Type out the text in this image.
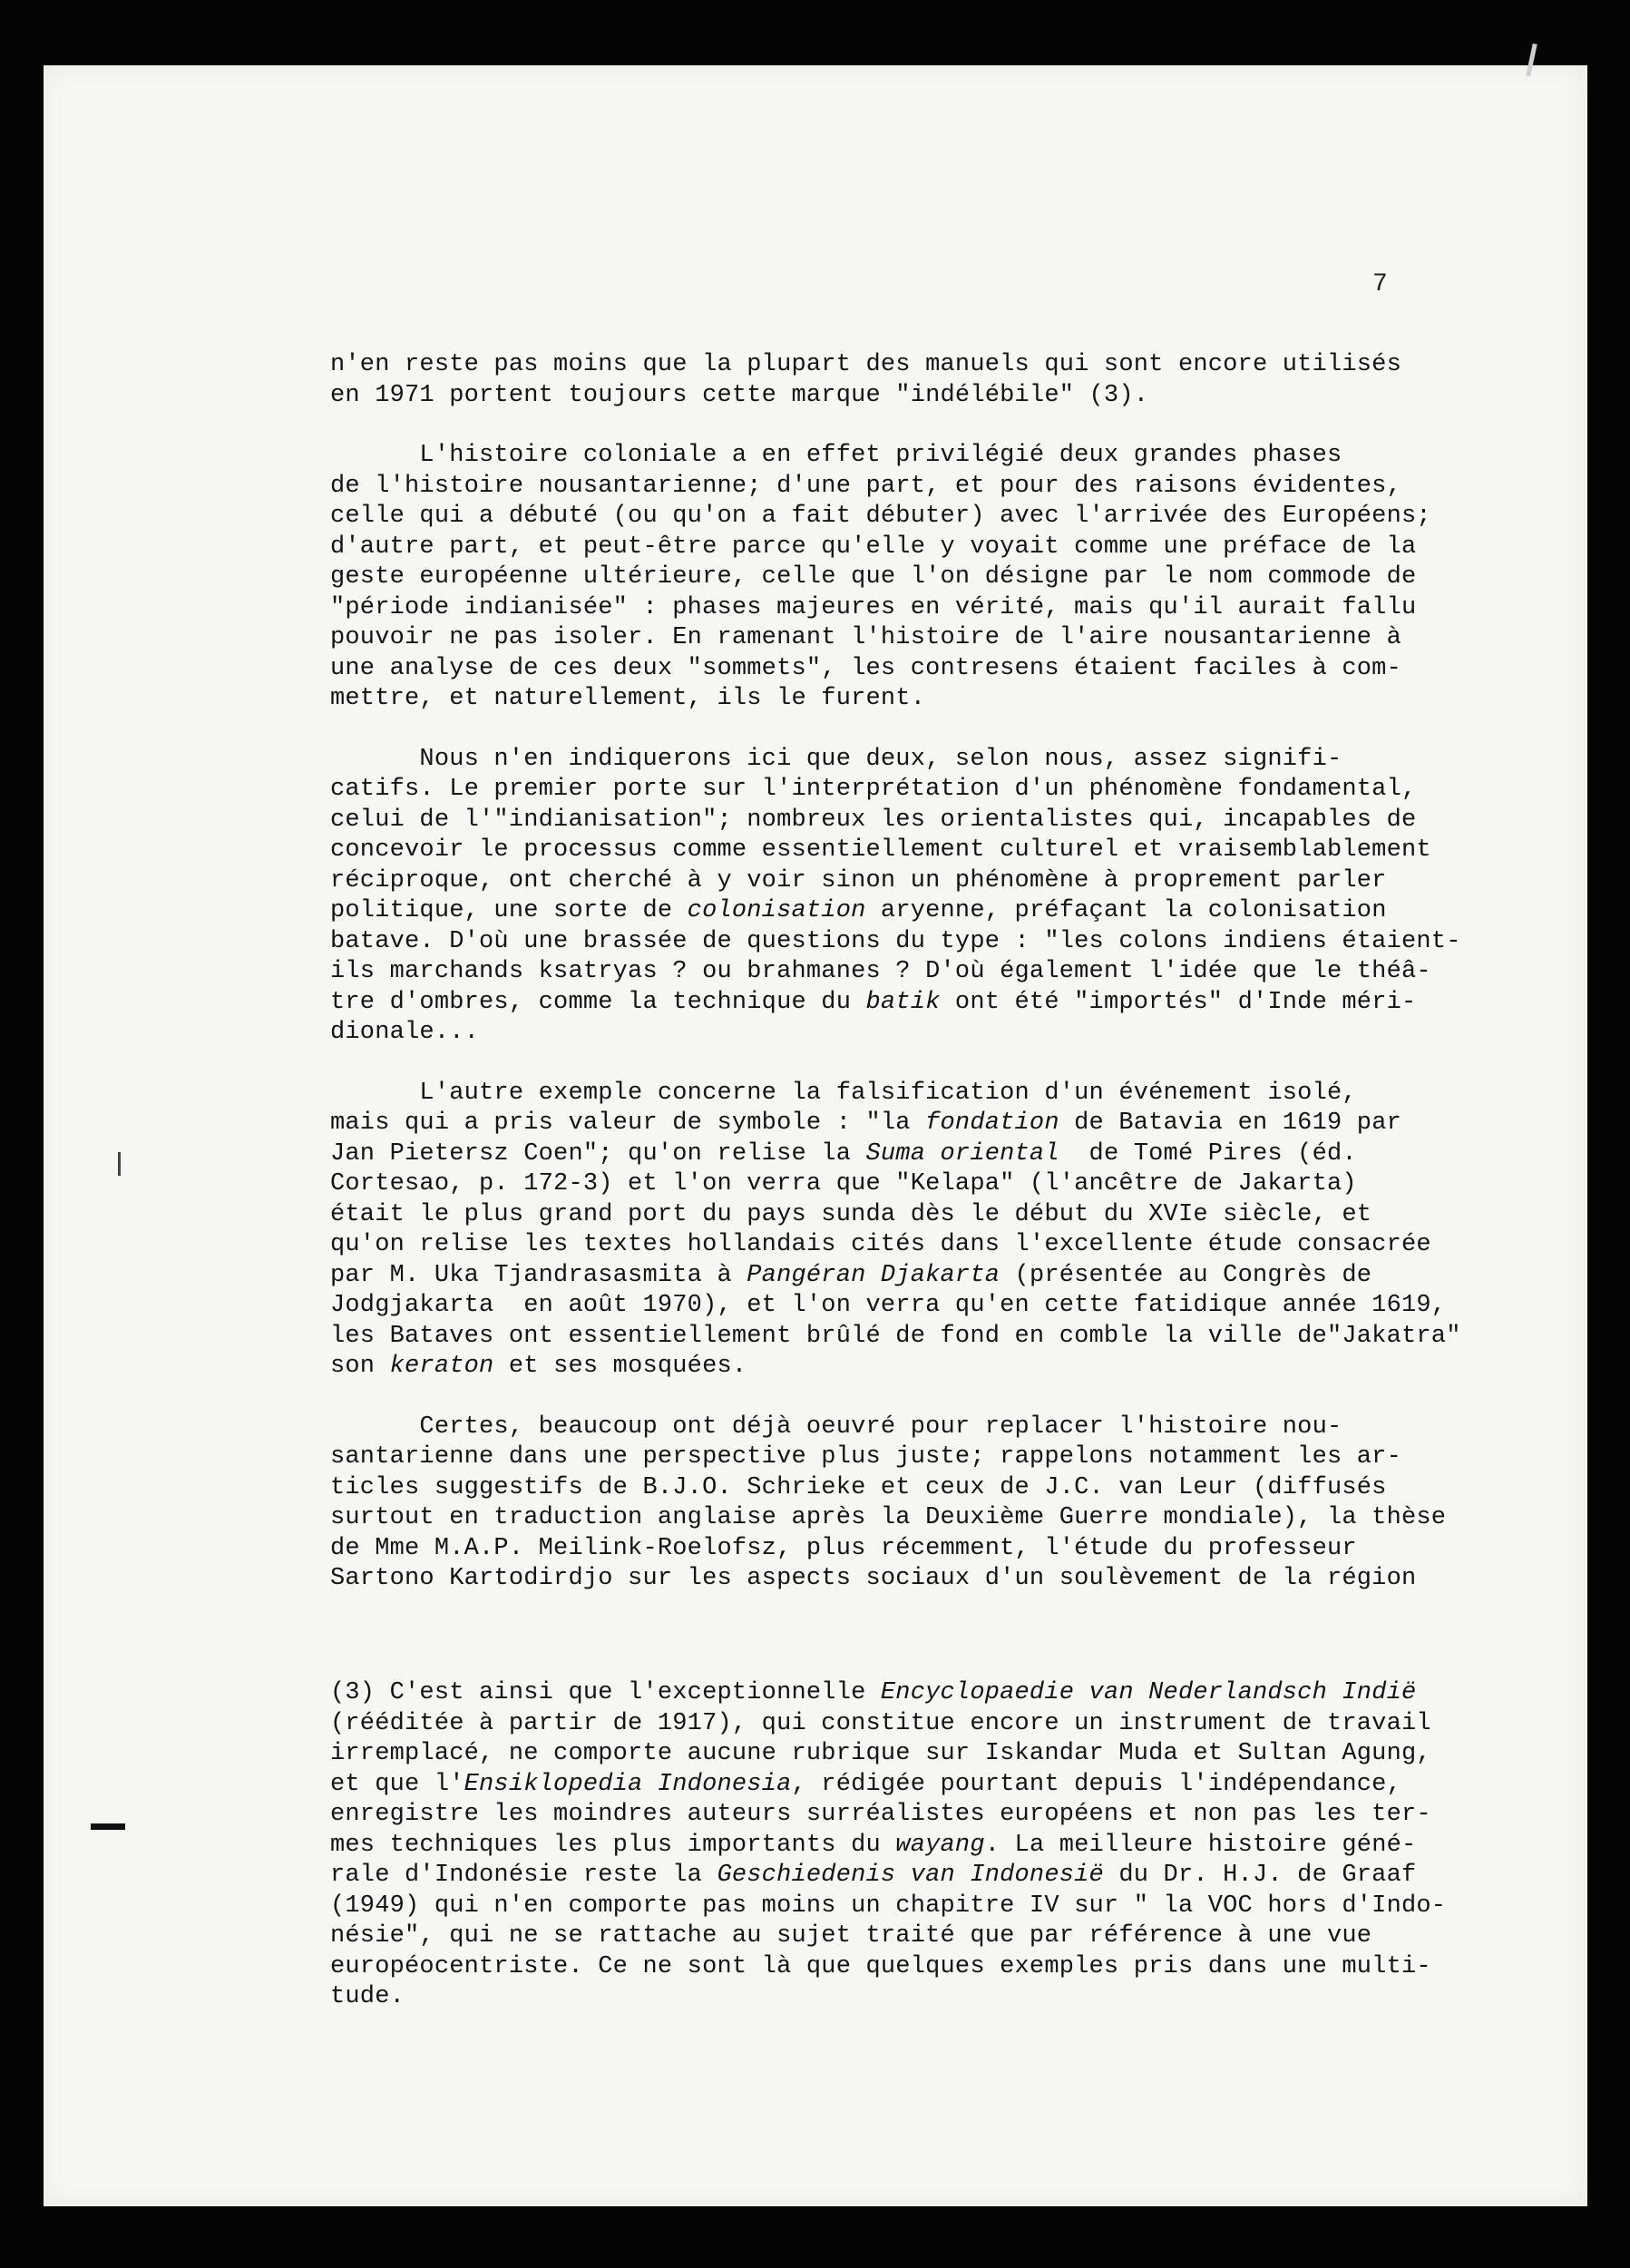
7

n'en reste pas moins que la plupart des manuels qui sont encore utilisés
en 1971 portent toujours cette marque "indélébile" (3).

L'histoire coloniale a en effet privilégié deux grandes phases
de l'histoire nousantarienne; d'une part, et pour des raisons évidentes,
celle qui a débuté (ou qu'on a fait débuter) avec l'arrivée des Européens;
d'autre part, et peut-être parce qu'elle y voyait comme une préface de la
geste européenne ultérieure, celle que l'on désigne par le nom commode de
"période indianisée" : phases majeures en vérité, mais qu'il aurait fallu
pouvoir ne pas isoler. En ramenant l'histoire de l'aire nousantarienne à
une analyse de ces deux "sommets", les contresens étaient faciles à com-
mettre, et naturellement, ils le furent.

Nous n'en indiquerons ici que deux, selon nous, assez signifi-
catifs. Le premier porte sur l'interprétation d'un phénomène fondamental,
celui de l'"indianisation"; nombreux les orientalistes qui, incapables de
concevoir le processus comme essentiellement culturel et vraisemblablement
réciproque, ont cherché à y voir sinon un phénomène à proprement parler
politique, une sorte de colonisation aryenne, préfaçant la colonisation
batave. D'où une brassée de questions du type : "les colons indiens étaient-
ils marchands ksatryas ? ou brahmanes ? D'où également l'idée que le théâ-
tre d'ombres, comme la technique du batik ont été "importés" d'Inde méri-
dionale...

L'autre exemple concerne la falsification d'un événement isolé,
mais qui a pris valeur de symbole : "la fondation de Batavia en 1619 par
Jan Pietersz Coen"; qu'on relise la Suma oriental  de Tomé Pires (éd.
Cortesao, p. 172-3) et l'on verra que "Kelapa" (l'ancêtre de Jakarta)
était le plus grand port du pays sunda dès le début du XVIe siècle, et
qu'on relise les textes hollandais cités dans l'excellente étude consacrée
par M. Uka Tjandrasasmita à Pangéran Djakarta (présentée au Congrès de
Jodgjakarta  en août 1970), et l'on verra qu'en cette fatidique année 1619,
les Bataves ont essentiellement brûlé de fond en comble la ville de"Jakatra"
son keraton et ses mosquées.

Certes, beaucoup ont déjà oeuvré pour replacer l'histoire nou-
santarienne dans une perspective plus juste; rappelons notamment les ar-
ticles suggestifs de B.J.O. Schrieke et ceux de J.C. van Leur (diffusés
surtout en traduction anglaise après la Deuxième Guerre mondiale), la thèse
de Mme M.A.P. Meilink-Roelofsz, plus récemment, l'étude du professeur
Sartono Kartodirdjo sur les aspects sociaux d'un soulèvement de la région

(3) C'est ainsi que l'exceptionnelle Encyclopaedie van Nederlandsch Indië
(rééditée à partir de 1917), qui constitue encore un instrument de travail
irremplacé, ne comporte aucune rubrique sur Iskandar Muda et Sultan Agung,
et que l'Ensiklopedia Indonesia, rédigée pourtant depuis l'indépendance,
enregistre les moindres auteurs surréalistes européens et non pas les ter-
mes techniques les plus importants du wayang. La meilleure histoire géné-
rale d'Indonésie reste la Geschiedenis van Indonesië du Dr. H.J. de Graaf
(1949) qui n'en comporte pas moins un chapitre IV sur " la VOC hors d'Indo-
nésie", qui ne se rattache au sujet traité que par référence à une vue
européocentriste. Ce ne sont là que quelques exemples pris dans une multi-
tude.
